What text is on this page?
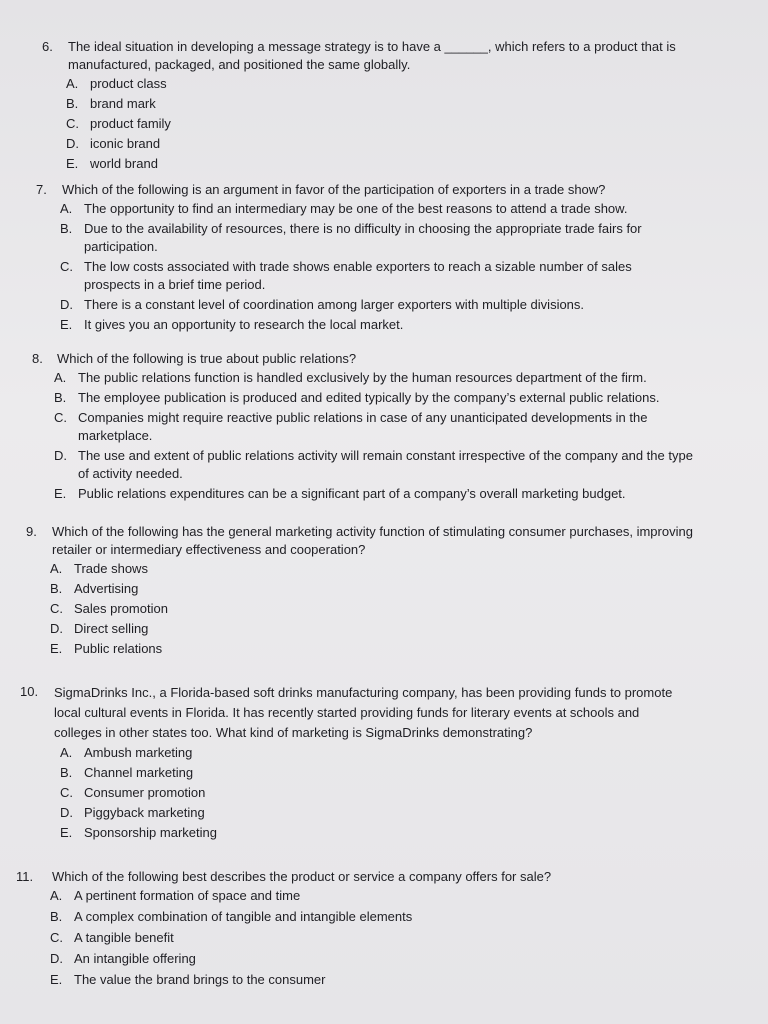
6. The ideal situation in developing a message strategy is to have a ______, which refers to a product that is manufactured, packaged, and positioned the same globally.

A. product class
B. brand mark
C. product family
D. iconic brand
E. world brand
7. Which of the following is an argument in favor of the participation of exporters in a trade show?

A. The opportunity to find an intermediary may be one of the best reasons to attend a trade show.
B. Due to the availability of resources, there is no difficulty in choosing the appropriate trade fairs for participation.
C. The low costs associated with trade shows enable exporters to reach a sizable number of sales prospects in a brief time period.
D. There is a constant level of coordination among larger exporters with multiple divisions.
E. It gives you an opportunity to research the local market.
8. Which of the following is true about public relations?

A. The public relations function is handled exclusively by the human resources department of the firm.
B. The employee publication is produced and edited typically by the company’s external public relations.
C. Companies might require reactive public relations in case of any unanticipated developments in the marketplace.
D. The use and extent of public relations activity will remain constant irrespective of the company and the type of activity needed.
E. Public relations expenditures can be a significant part of a company’s overall marketing budget.
9. Which of the following has the general marketing activity function of stimulating consumer purchases, improving retailer or intermediary effectiveness and cooperation?

A. Trade shows
B. Advertising
C. Sales promotion
D. Direct selling
E. Public relations
10. SigmaDrinks Inc., a Florida-based soft drinks manufacturing company, has been providing funds to promote local cultural events in Florida. It has recently started providing funds for literary events at schools and colleges in other states too. What kind of marketing is SigmaDrinks demonstrating?

A. Ambush marketing
B. Channel marketing
C. Consumer promotion
D. Piggyback marketing
E. Sponsorship marketing
11. Which of the following best describes the product or service a company offers for sale?

A. A pertinent formation of space and time
B. A complex combination of tangible and intangible elements
C. A tangible benefit
D. An intangible offering
E. The value the brand brings to the consumer
